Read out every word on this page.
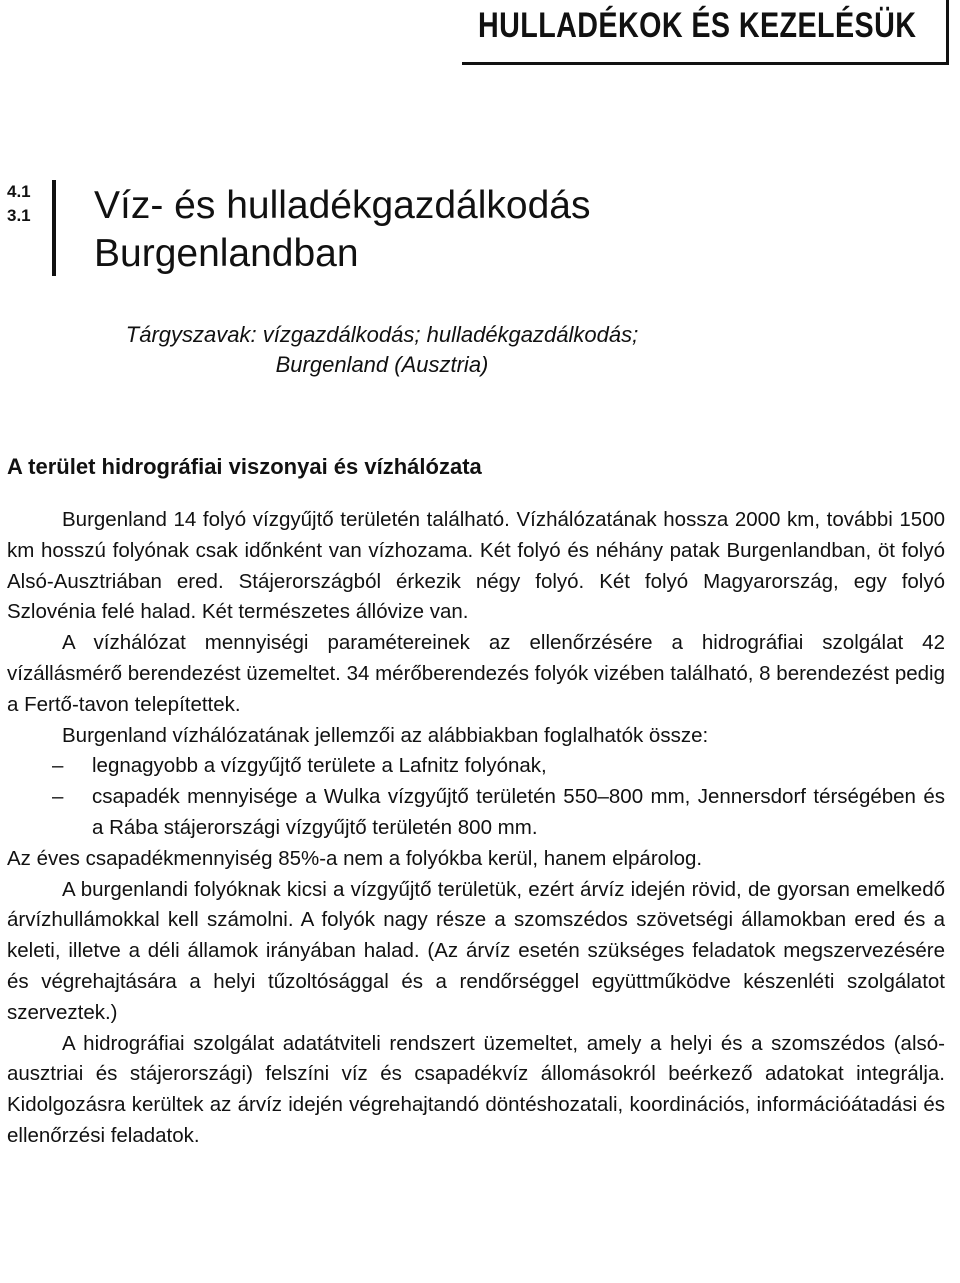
HULLADÉKOK ÉS KEZELÉSÜK
4.1
3.1 Víz- és hulladékgazdálkodás
Burgenlandban
Tárgyszavak: vízgazdálkodás; hulladékgazdálkodás;
Burgenland (Ausztria)
A terület hidrográfiai viszonyai és vízhálózata

Burgenland 14 folyó vízgyűjtő területén található. Vízhálózatának hossza 2000 km, további 1500 km hosszú folyónak csak időnként van vízhozama. Két folyó és néhány patak Burgenlandban, öt folyó Alsó-Ausztriában ered. Stájerországból érkezik négy folyó. Két folyó Magyarország, egy folyó Szlovénia felé halad. Két természetes állóvize van.

A vízhálózat mennyiségi paramétereinek az ellenőrzésére a hidrográfiai szolgálat 42 vízállásmérő berendezést üzemeltet. 34 mérőberendezés folyók vizében található, 8 berendezést pedig a Fertő-tavon telepítettek.

Burgenland vízhálózatának jellemzői az alábbiakban foglalhatók össze:

– legnagyobb a vízgyűjtő területe a Lafnitz folyónak,
– csapadék mennyisége a Wulka vízgyűjtő területén 550–800 mm, Jennersdorf térségében és a Rába stájerországi vízgyűjtő területén 800 mm.

Az éves csapadékmennyiség 85%-a nem a folyókba kerül, hanem elpárolog.

A burgenlandi folyóknak kicsi a vízgyűjtő területük, ezért árvíz idején rövid, de gyorsan emelkedő árvízhullámokkal kell számolni. A folyók nagy része a szomszédos szövetségi államokban ered és a keleti, illetve a déli államok irányában halad. (Az árvíz esetén szükséges feladatok megszervezésére és végrehajtására a helyi tűzoltósággal és a rendőrséggel együttműködve készenléti szolgálatot szerveztek.)

A hidrográfiai szolgálat adatátviteli rendszert üzemeltet, amely a helyi és a szomszédos (alsó-ausztriai és stájerországi) felszíni víz és csapadékvíz állomásokról beérkező adatokat integrálja. Kidolgozásra kerültek az árvíz idején végrehajtandó döntéshozatali, koordinációs, információátadási és ellenőrzési feladatok.
